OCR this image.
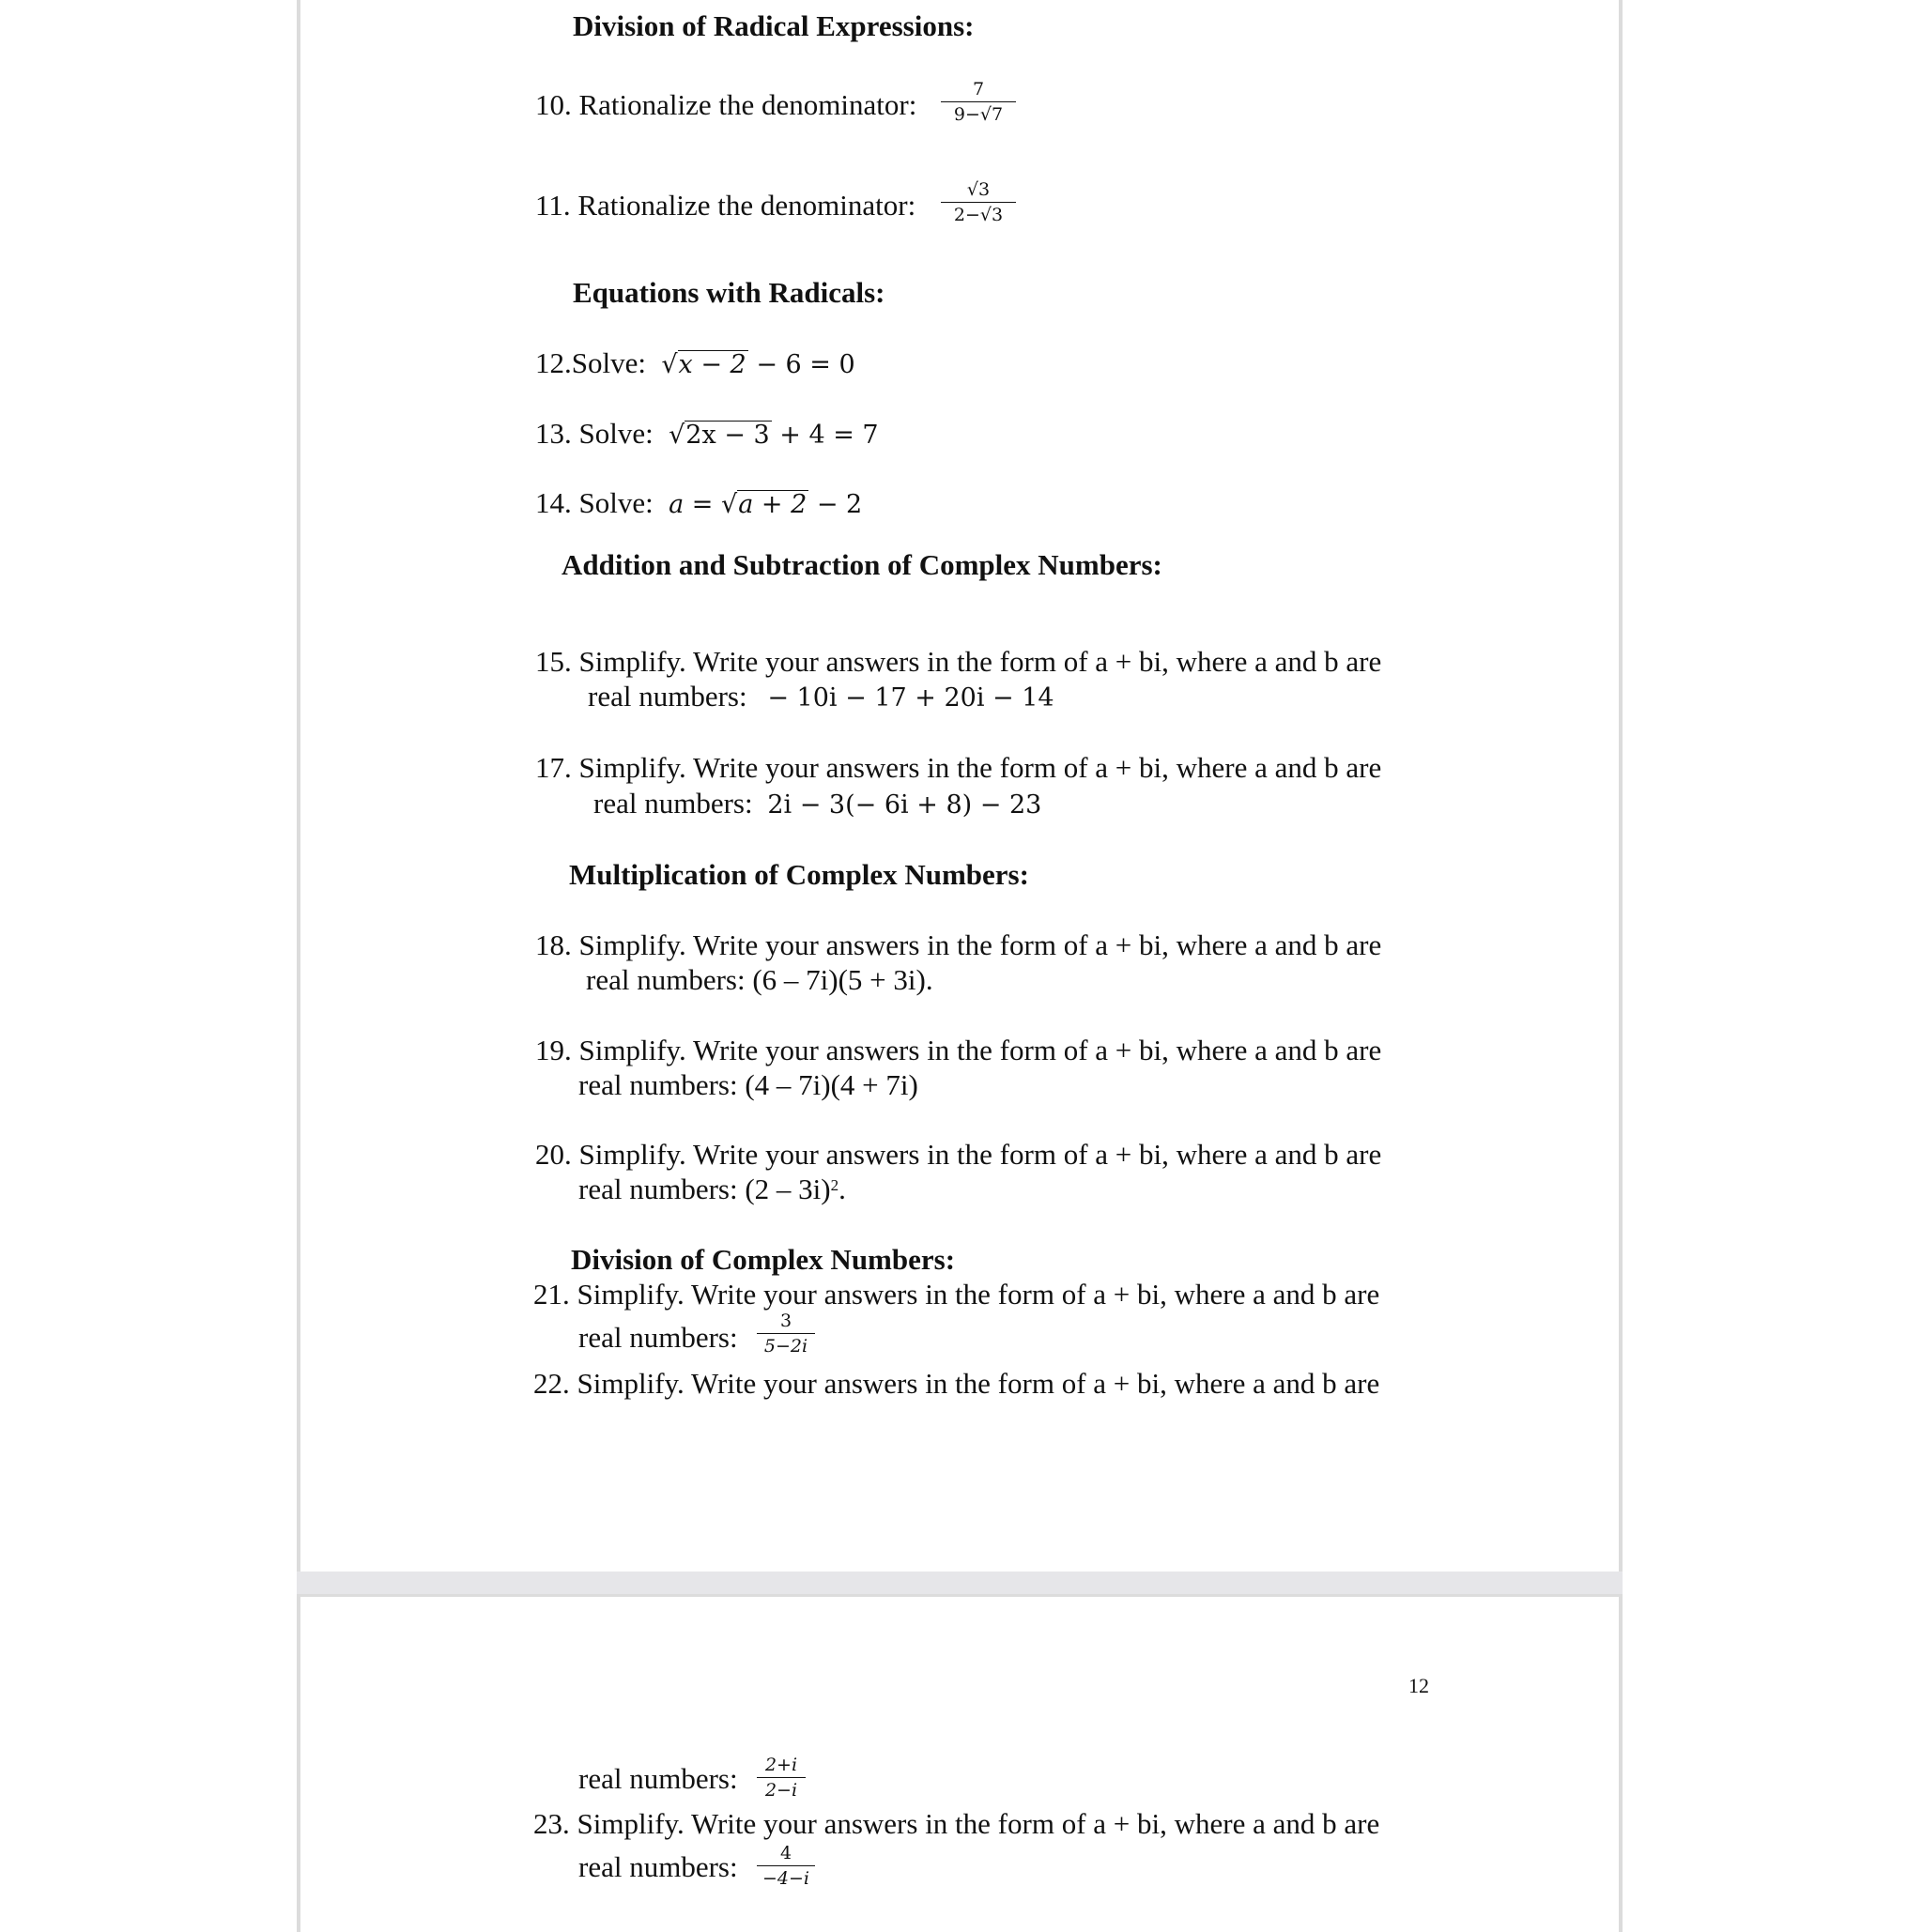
Division of Radical Expressions:
10. Rationalize the denominator:	7
9−√7
11. Rationalize the denominator:	√3
2−√3
Equations with Radicals:
12.Solve: √x − 2 − 6 = 0
13. Solve: √2x − 3 + 4 = 7
14. Solve: a = √a + 2 − 2
Addition and Subtraction of Complex Numbers:
15. Simplify. Write your answers in the form of a + bi, where a and b are
real numbers: − 10i − 17 + 20i − 14
17. Simplify. Write your answers in the form of a + bi, where a and b are
real numbers: 2i − 3(− 6i + 8) − 23
Multiplication of Complex Numbers:
18. Simplify. Write your answers in the form of a + bi, where a and b are
real numbers: (6 – 7i)(5 + 3i).
19. Simplify. Write your answers in the form of a + bi, where a and b are
real numbers: (4 – 7i)(4 + 7i)
20. Simplify. Write your answers in the form of a + bi, where a and b are
real numbers: (2 – 3i)$^2$.
Division of Complex Numbers:
21. Simplify. Write your answers in the form of a + bi, where a and b are
real numbers:	3
5−2i
22. Simplify. Write your answers in the form of a + bi, where a and b are
12
real numbers:	2+i
2−i
23. Simplify. Write your answers in the form of a + bi, where a and b are
real numbers:	4
−4−i
